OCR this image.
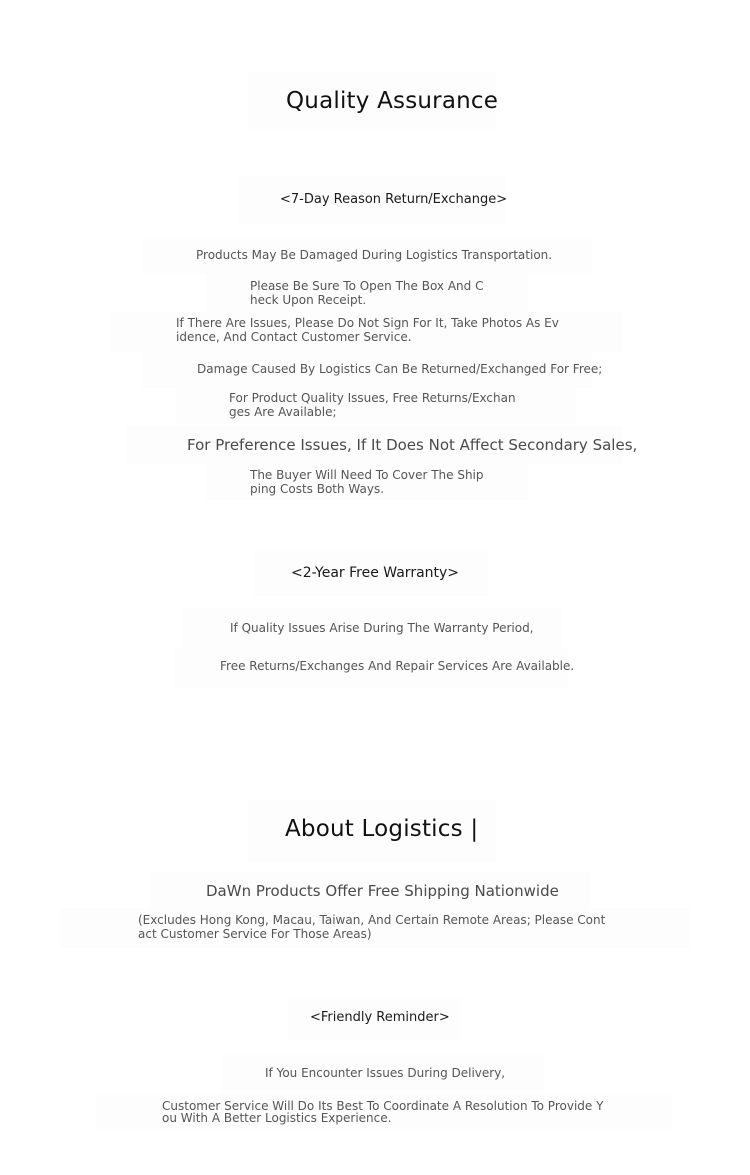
Quality Assurance
<7-Day Reason Return/Exchange>
Products May Be Damaged During Logistics Transportation.
Please Be Sure To Open The Box And Check Upon Receipt.
If There Are Issues, Please Do Not Sign For It, Take Photos As Evidence, And Contact Customer Service.
Damage Caused By Logistics Can Be Returned/Exchanged For Free;
For Product Quality Issues, Free Returns/Exchanges Are Available;
For Preference Issues, If It Does Not Affect Secondary Sales,
The Buyer Will Need To Cover The Shipping Costs Both Ways.
<2-Year Free Warranty>
If Quality Issues Arise During The Warranty Period,
Free Returns/Exchanges And Repair Services Are Available.
About Logistics |
DaWn Products Offer Free Shipping Nationwide
(Excludes Hong Kong, Macau, Taiwan, And Certain Remote Areas; Please Contact Customer Service For Those Areas)
<Friendly Reminder>
If You Encounter Issues During Delivery,
Customer Service Will Do Its Best To Coordinate A Resolution To Provide You With A Better Logistics Experience.
